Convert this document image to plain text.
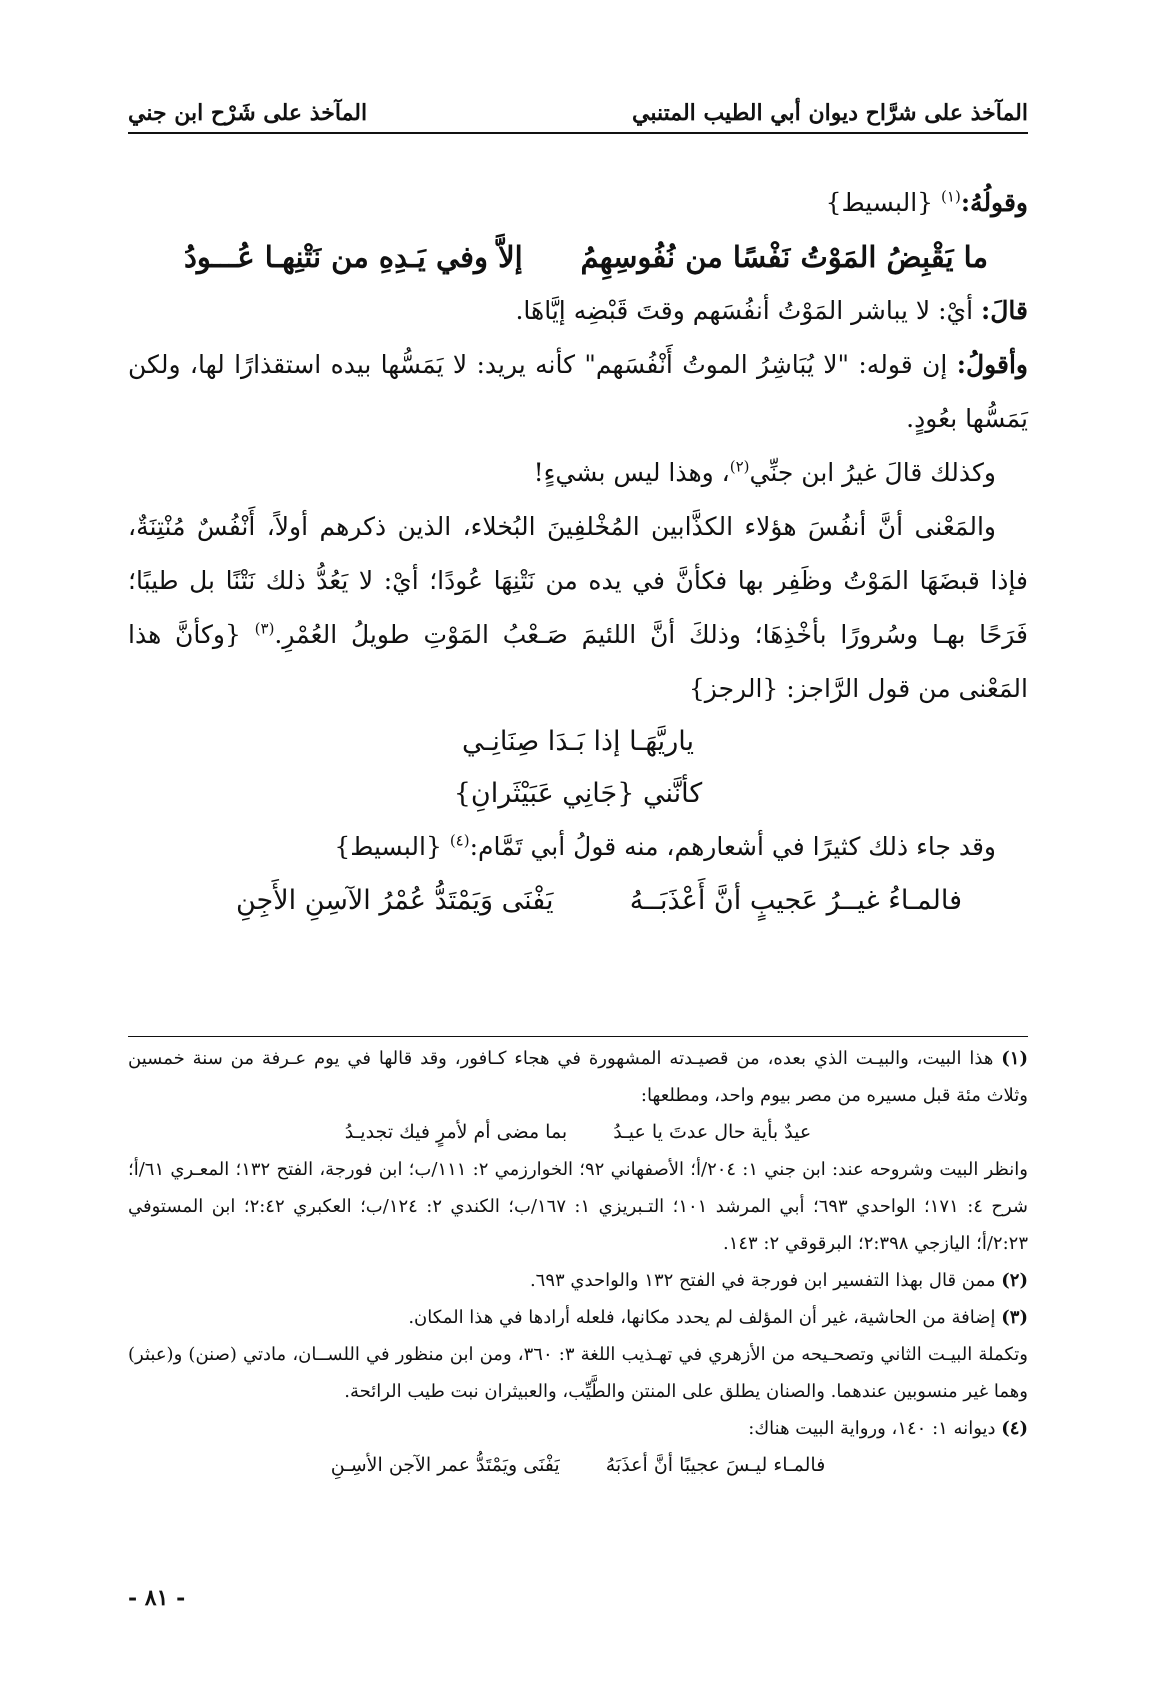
المآخذ على شرَّاح ديوان أبي الطيب المتنبي
المآخذ على شَرْح ابن جني

وقولُهُ:$^{(١)}$ {البسيط}

ما يَقْبِضُ المَوْتُ نَفْسًا من نُفُوسِهِمُ
إلاَّ وفي يَـدِهِ من نَتْنِهـا عُـــودُ

قالَ: أيْ: لا يباشر المَوْتُ أنفُسَهم وقتَ قَبْضِه إيَّاهَا.

وأقولُ: إن قوله: "لا يُبَاشِرُ الموتُ أَنْفُسَهم" كأنه يريد: لا يَمَسُّها بيده استقذارًا لها، ولكن يَمَسُّها بعُودٍ.

وكذلك قالَ غيرُ ابن جنِّي$^{(٢)}$، وهذا ليس بشيءٍ!

والمَعْنى أنَّ أنفُسَ هؤلاء الكذَّابين المُخْلفِينَ البُخلاء، الذين ذكرهم أولاً، أَنْفُسٌ مُنْتِنَةٌ، فإذا قبضَهَا المَوْتُ وظَفِر بها فكأنَّ في يده من نَتْنِهَا عُودًا؛ أيْ: لا يَعُدُّ ذلك نَتْنًا بل طيبًا؛ فَرَحًا بهـا وسُرورًا بأخْذِهَا؛ وذلكَ أنَّ اللئيمَ صَـعْبُ المَوْتِ طويلُ العُمْرِ.$^{(٣)}$ {وكأنَّ هذا المَعْنى من قول الرَّاجز: {الرجز}

ياريَّهَـا إذا بَـدَا صِنَانِـي
كأنَّني {جَانِي عَبَيْثَرانِ}

وقد جاء ذلك كثيرًا في أشعارهم، منه قولُ أبي تَمَّام:$^{(٤)}$ {البسيط}

فالمـاءُ غيــرُ عَجيبٍ أنَّ أَعْذَبَــهُ
يَفْنَى وَيَمْتَدُّ عُمْرُ الآسِنِ الأَجِنِ

(١) هذا البيت، والبيـت الذي بعده، من قصيـدته المشهورة في هجاء كـافور، وقد قالها في يوم عـرفة من سنة خمسين وثلاث مئة قبل مسيره من مصر بيوم واحد، ومطلعها:

عيدٌ بأية حال عدتَ يا عيـدُ
بما مضى أم لأمرٍ فيك تجديـدُ

وانظر البيت وشروحه عند: ابن جني ١: ٢٠٤/أ؛ الأصفهاني ٩٢؛ الخوارزمي ٢: ١١١/ب؛ ابن فورجة، الفتح ١٣٢؛ المعـري ٦١/أ؛ شرح ٤: ١٧١؛ الواحدي ٦٩٣؛ أبي المرشد ١٠١؛ التـبريزي ١: ١٦٧/ب؛ الكندي ٢: ١٢٤/ب؛ العكبري ٢:٤٢؛ ابن المستوفي ٢:٢٣/أ؛ اليازجي ٢:٣٩٨؛ البرقوقي ٢: ١٤٣.

(٢) ممن قال بهذا التفسير ابن فورجة في الفتح ١٣٢ والواحدي ٦٩٣.

(٣) إضافة من الحاشية، غير أن المؤلف لم يحدد مكانها، فلعله أرادها في هذا المكان.

وتكملة البيـت الثاني وتصحـيحه من الأزهري في تهـذيب اللغة ٣: ٣٦٠، ومن ابن منظور في اللســان، مادتي (صنن) و(عبثر) وهما غير منسوبين عندهما. والصنان يطلق على المنتن والطَّيِّب، والعبيثران نبت طيب الرائحة.

(٤) ديوانه ١: ١٤٠، ورواية البيت هناك:

فالمـاء ليـسَ عجيبًا أنَّ أعذَبَهُ
يَفْنَى ويَمْتَدُّ عمر الآجن الأسِـنِ
- ٨١ -
